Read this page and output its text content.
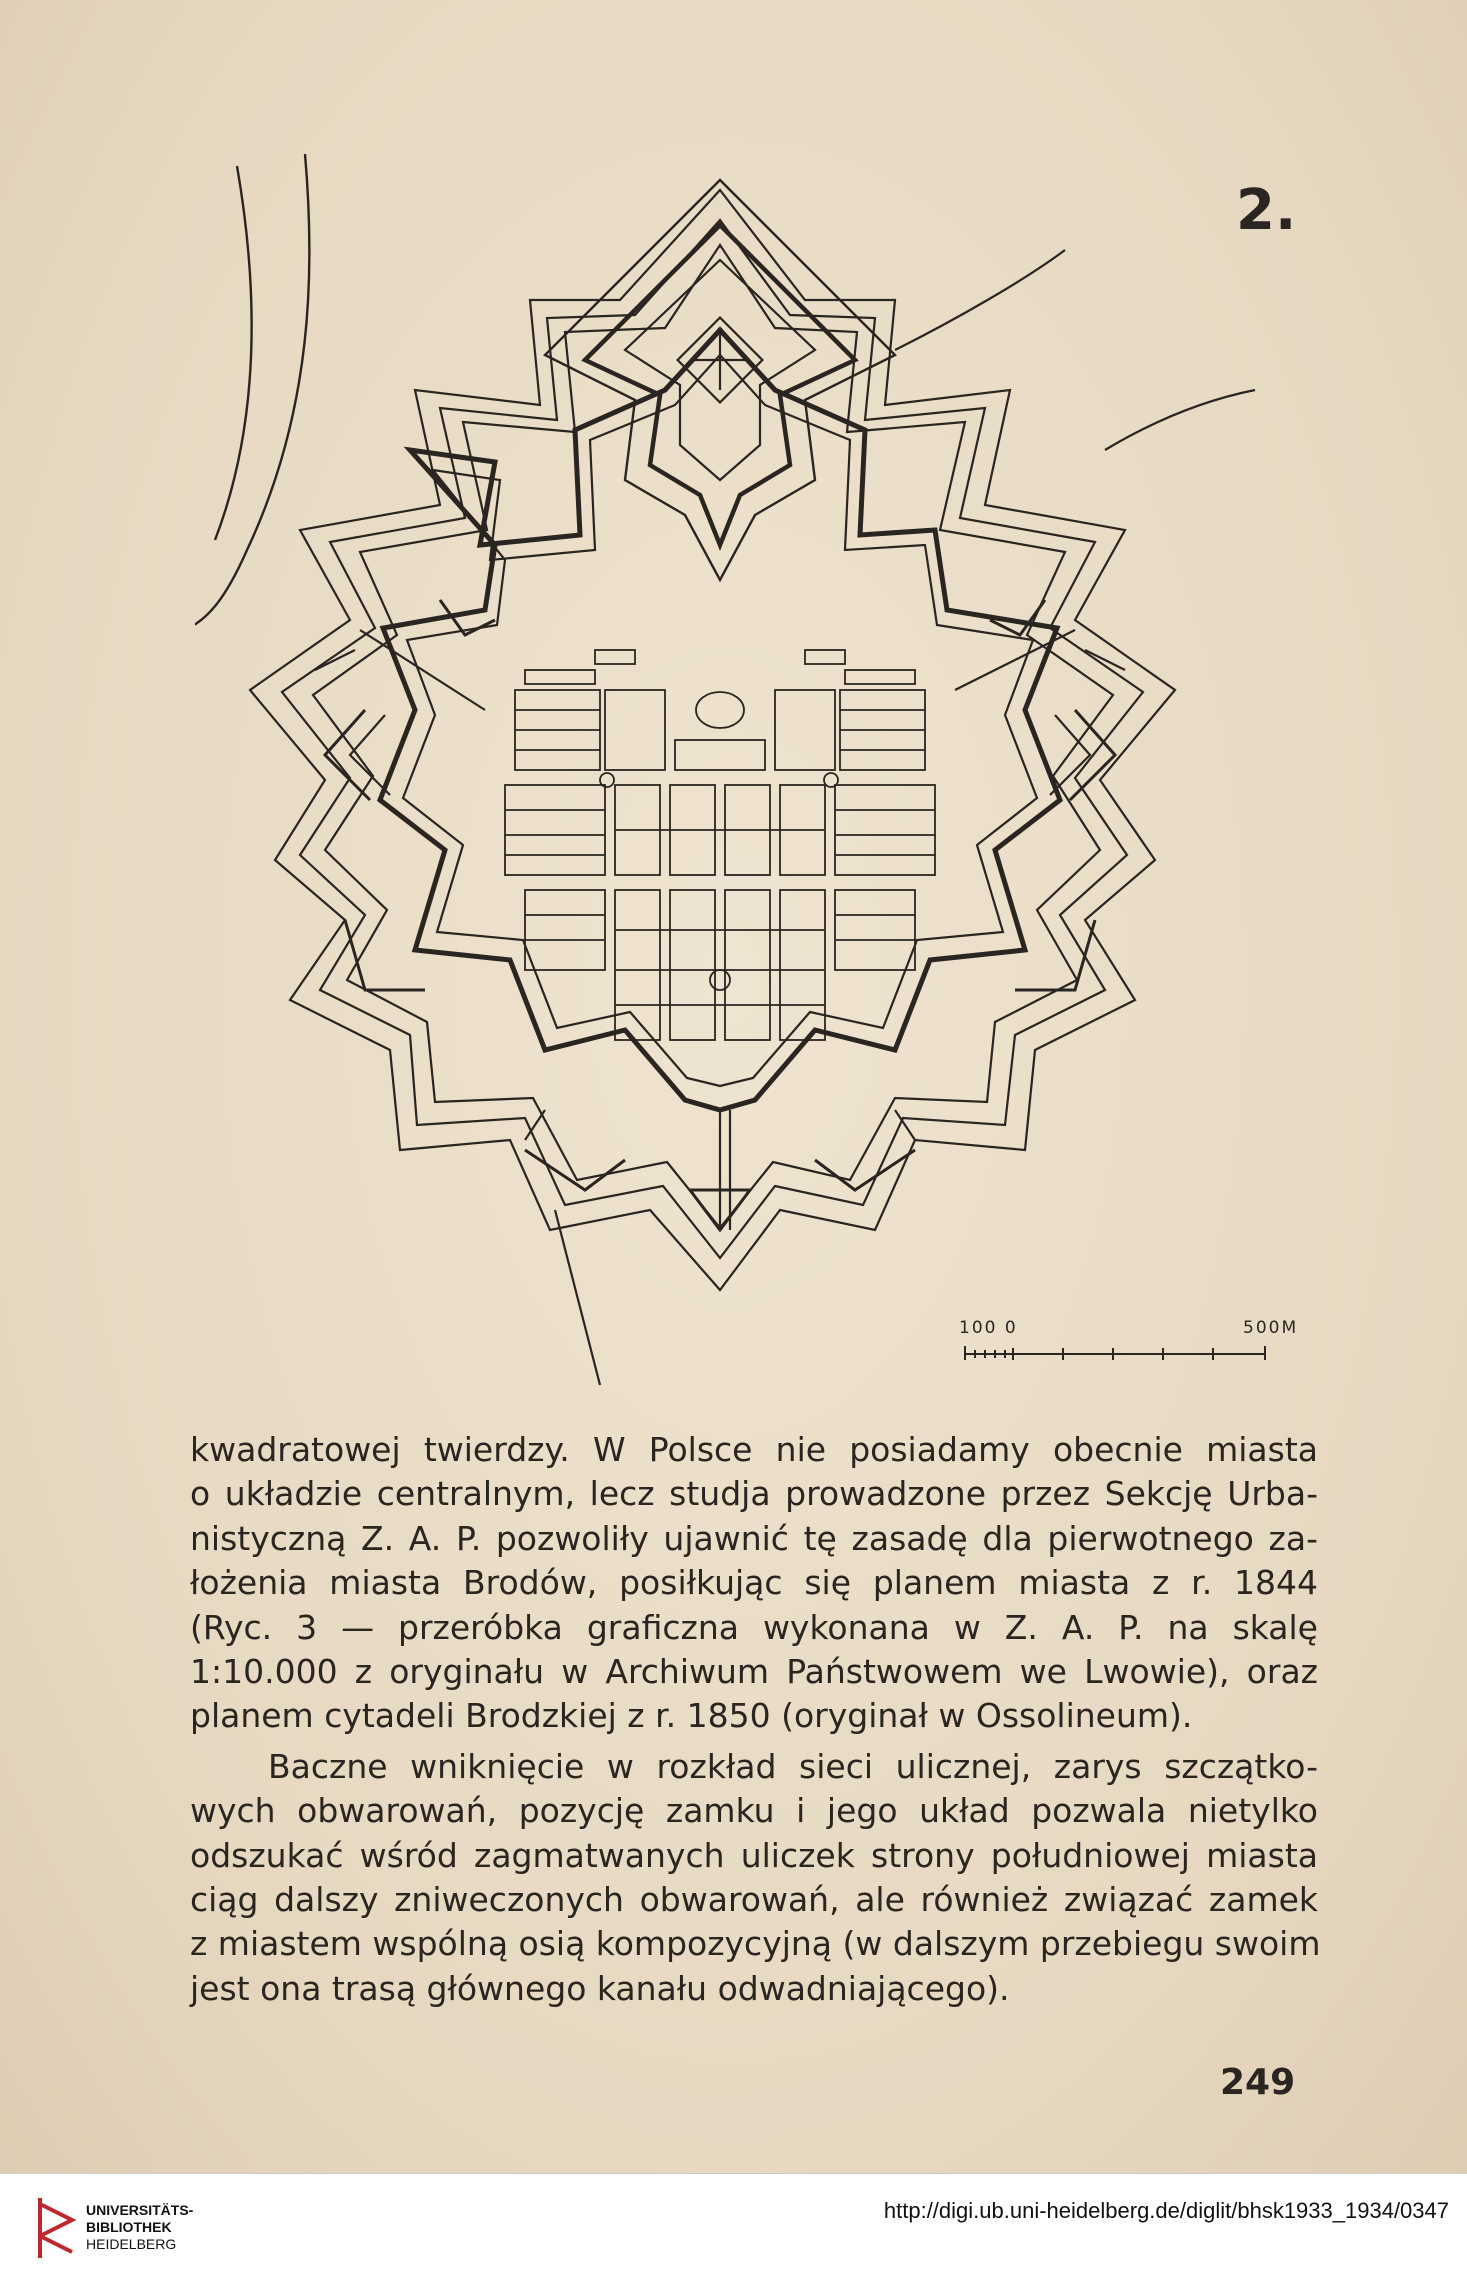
2.
100 0	500M

kwadratowej twierdzy. W Polsce nie posiadamy obecnie miasta
o układzie centralnym, lecz studja prowadzone przez Sekcję Urba-
nistyczną Z. A. P. pozwoliły ujawnić tę zasadę dla pierwotnego za-
łożenia miasta Brodów, posiłkując się planem miasta z r. 1844
(Ryc. 3 — przeróbka graficzna wykonana w Z. A. P. na skalę
1:10.000 z oryginału w Archiwum Państwowem we Lwowie), oraz
planem cytadeli Brodzkiej z r. 1850 (oryginał w Ossolineum).

Baczne wniknięcie w rozkład sieci ulicznej, zarys szczątko-
wych obwarowań, pozycję zamku i jego układ pozwala nietylko
odszukać wśród zagmatwanych uliczek strony południowej miasta
ciąg dalszy zniweczonych obwarowań, ale również związać zamek
z miastem wspólną osią kompozycyjną (w dalszym przebiegu swoim
jest ona trasą głównego kanału odwadniającego).

249
UNIVERSITÄTS-
BIBLIOTHEK
HEIDELBERG
http://digi.ub.uni-heidelberg.de/diglit/bhsk1933_1934/0347
